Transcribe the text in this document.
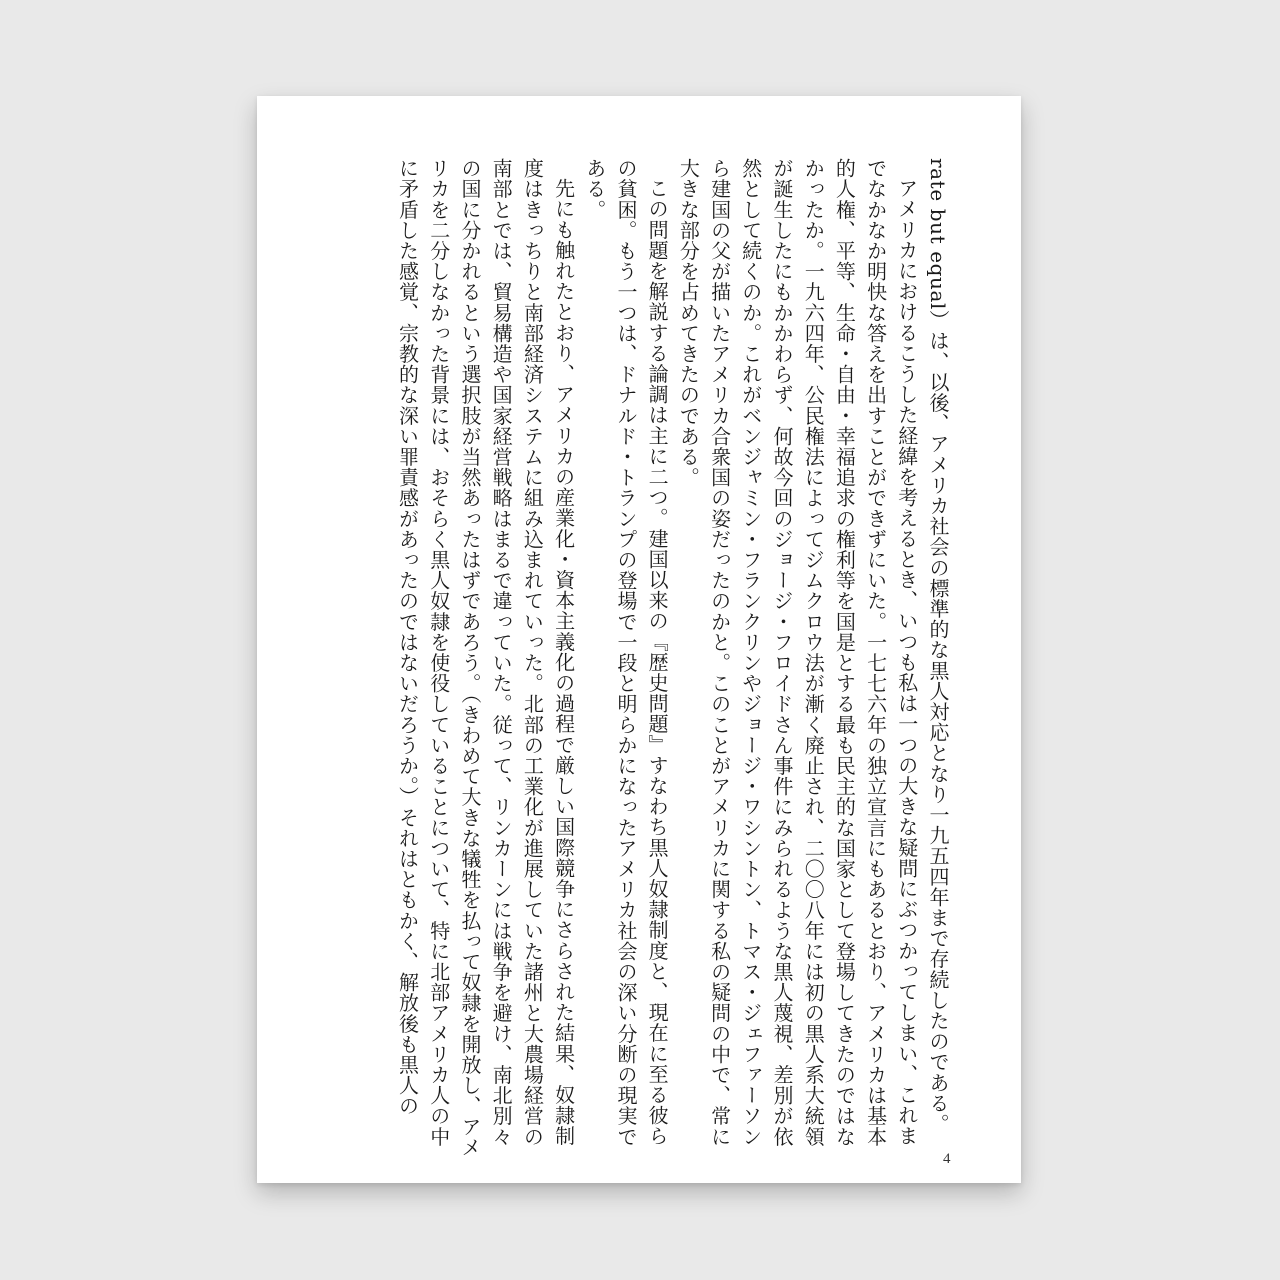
rate but equal）は、以後、アメリカ社会の標準的な黒人対応となり一九五四年まで存続したのである。

アメリカにおけるこうした経緯を考えるとき、いつも私は一つの大きな疑問にぶつかってしまい、これまでなかなか明快な答えを出すことができずにいた。一七七六年の独立宣言にもあるとおり、アメリカは基本的人権、平等、生命・自由・幸福追求の権利等を国是とする最も民主的な国家として登場してきたのではなかったか。一九六四年、公民権法によってジムクロウ法が漸く廃止され、二〇〇八年には初の黒人系大統領が誕生したにもかかわらず、何故今回のジョージ・フロイドさん事件にみられるような黒人蔑視、差別が依然として続くのか。これがベンジャミン・フランクリンやジョージ・ワシントン、トマス・ジェファーソンら建国の父が描いたアメリカ合衆国の姿だったのかと。このことがアメリカに関する私の疑問の中で、常に大きな部分を占めてきたのである。

この問題を解説する論調は主に二つ。建国以来の『歴史問題』すなわち黒人奴隷制度と、現在に至る彼らの貧困。もう一つは、ドナルド・トランプの登場で一段と明らかになったアメリカ社会の深い分断の現実である。

先にも触れたとおり、アメリカの産業化・資本主義化の過程で厳しい国際競争にさらされた結果、奴隷制度はきっちりと南部経済システムに組み込まれていった。北部の工業化が進展していた諸州と大農場経営の南部とでは、貿易構造や国家経営戦略はまるで違っていた。従って、リンカーンには戦争を避け、南北別々の国に分かれるという選択肢が当然あったはずであろう。（きわめて大きな犠牲を払って奴隷を開放し、アメリカを二分しなかった背景には、おそらく黒人奴隷を使役していることについて、特に北部アメリカ人の中に矛盾した感覚、宗教的な深い罪責感があったのではないだろうか。）それはともかく、解放後も黒人の

4
